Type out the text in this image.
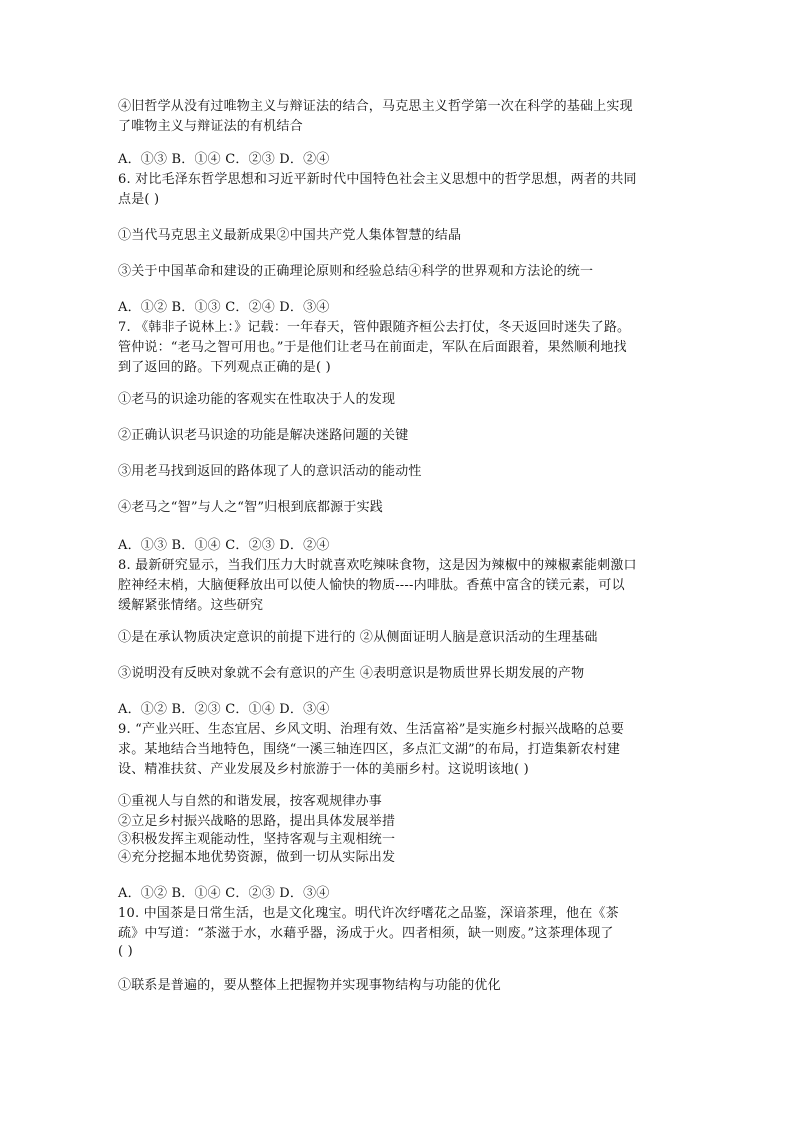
④旧哲学从没有过唯物主义与辩证法的结合，马克思主义哲学第一次在科学的基础上实现
了唯物主义与辩证法的有机结合
A．①③ B．①④ C．②③ D．②④
6. 对比毛泽东哲学思想和习近平新时代中国特色社会主义思想中的哲学思想，两者的共同
点是( )
①当代马克思主义最新成果②中国共产党人集体智慧的结晶
③关于中国革命和建设的正确理论原则和经验总结④科学的世界观和方法论的统一
A．①② B．①③ C．②④ D．③④
7. 《韩非子说林上：》记载：一年春天，管仲跟随齐桓公去打仗，冬天返回时迷失了路。
管仲说：“老马之智可用也。”于是他们让老马在前面走，军队在后面跟着，果然顺利地找
到了返回的路。下列观点正确的是( )
①老马的识途功能的客观实在性取决于人的发现
②正确认识老马识途的功能是解决迷路问题的关键
③用老马找到返回的路体现了人的意识活动的能动性
④老马之“智”与人之“智”归根到底都源于实践
A．①③ B．①④ C．②③ D．②④
8. 最新研究显示，当我们压力大时就喜欢吃辣味食物，这是因为辣椒中的辣椒素能刺激口
腔神经末梢，大脑便释放出可以使人愉快的物质----内啡肽。香蕉中富含的镁元素，可以
缓解紧张情绪。这些研究
①是在承认物质决定意识的前提下进行的 ②从侧面证明人脑是意识活动的生理基础
③说明没有反映对象就不会有意识的产生 ④表明意识是物质世界长期发展的产物
A．①② B．②③ C．①④ D．③④
9. “产业兴旺、生态宜居、乡风文明、治理有效、生活富裕”是实施乡村振兴战略的总要
求。某地结合当地特色，围绕“一溪三轴连四区，多点汇文湖”的布局，打造集新农村建
设、精准扶贫、产业发展及乡村旅游于一体的美丽乡村。这说明该地( )
①重视人与自然的和谐发展，按客观规律办事
②立足乡村振兴战略的思路，提出具体发展举措
③积极发挥主观能动性，坚持客观与主观相统一
④充分挖掘本地优势资源，做到一切从实际出发
A．①② B．①④ C．②③ D．③④
10. 中国茶是日常生活，也是文化瑰宝。明代许次纾嗜花之品鉴，深谙茶理，他在《茶
疏》中写道：“茶滋于水，水藉乎器，汤成于火。四者相须，缺一则废。”这茶理体现了
( )
①联系是普遍的，要从整体上把握物并实现事物结构与功能的优化
